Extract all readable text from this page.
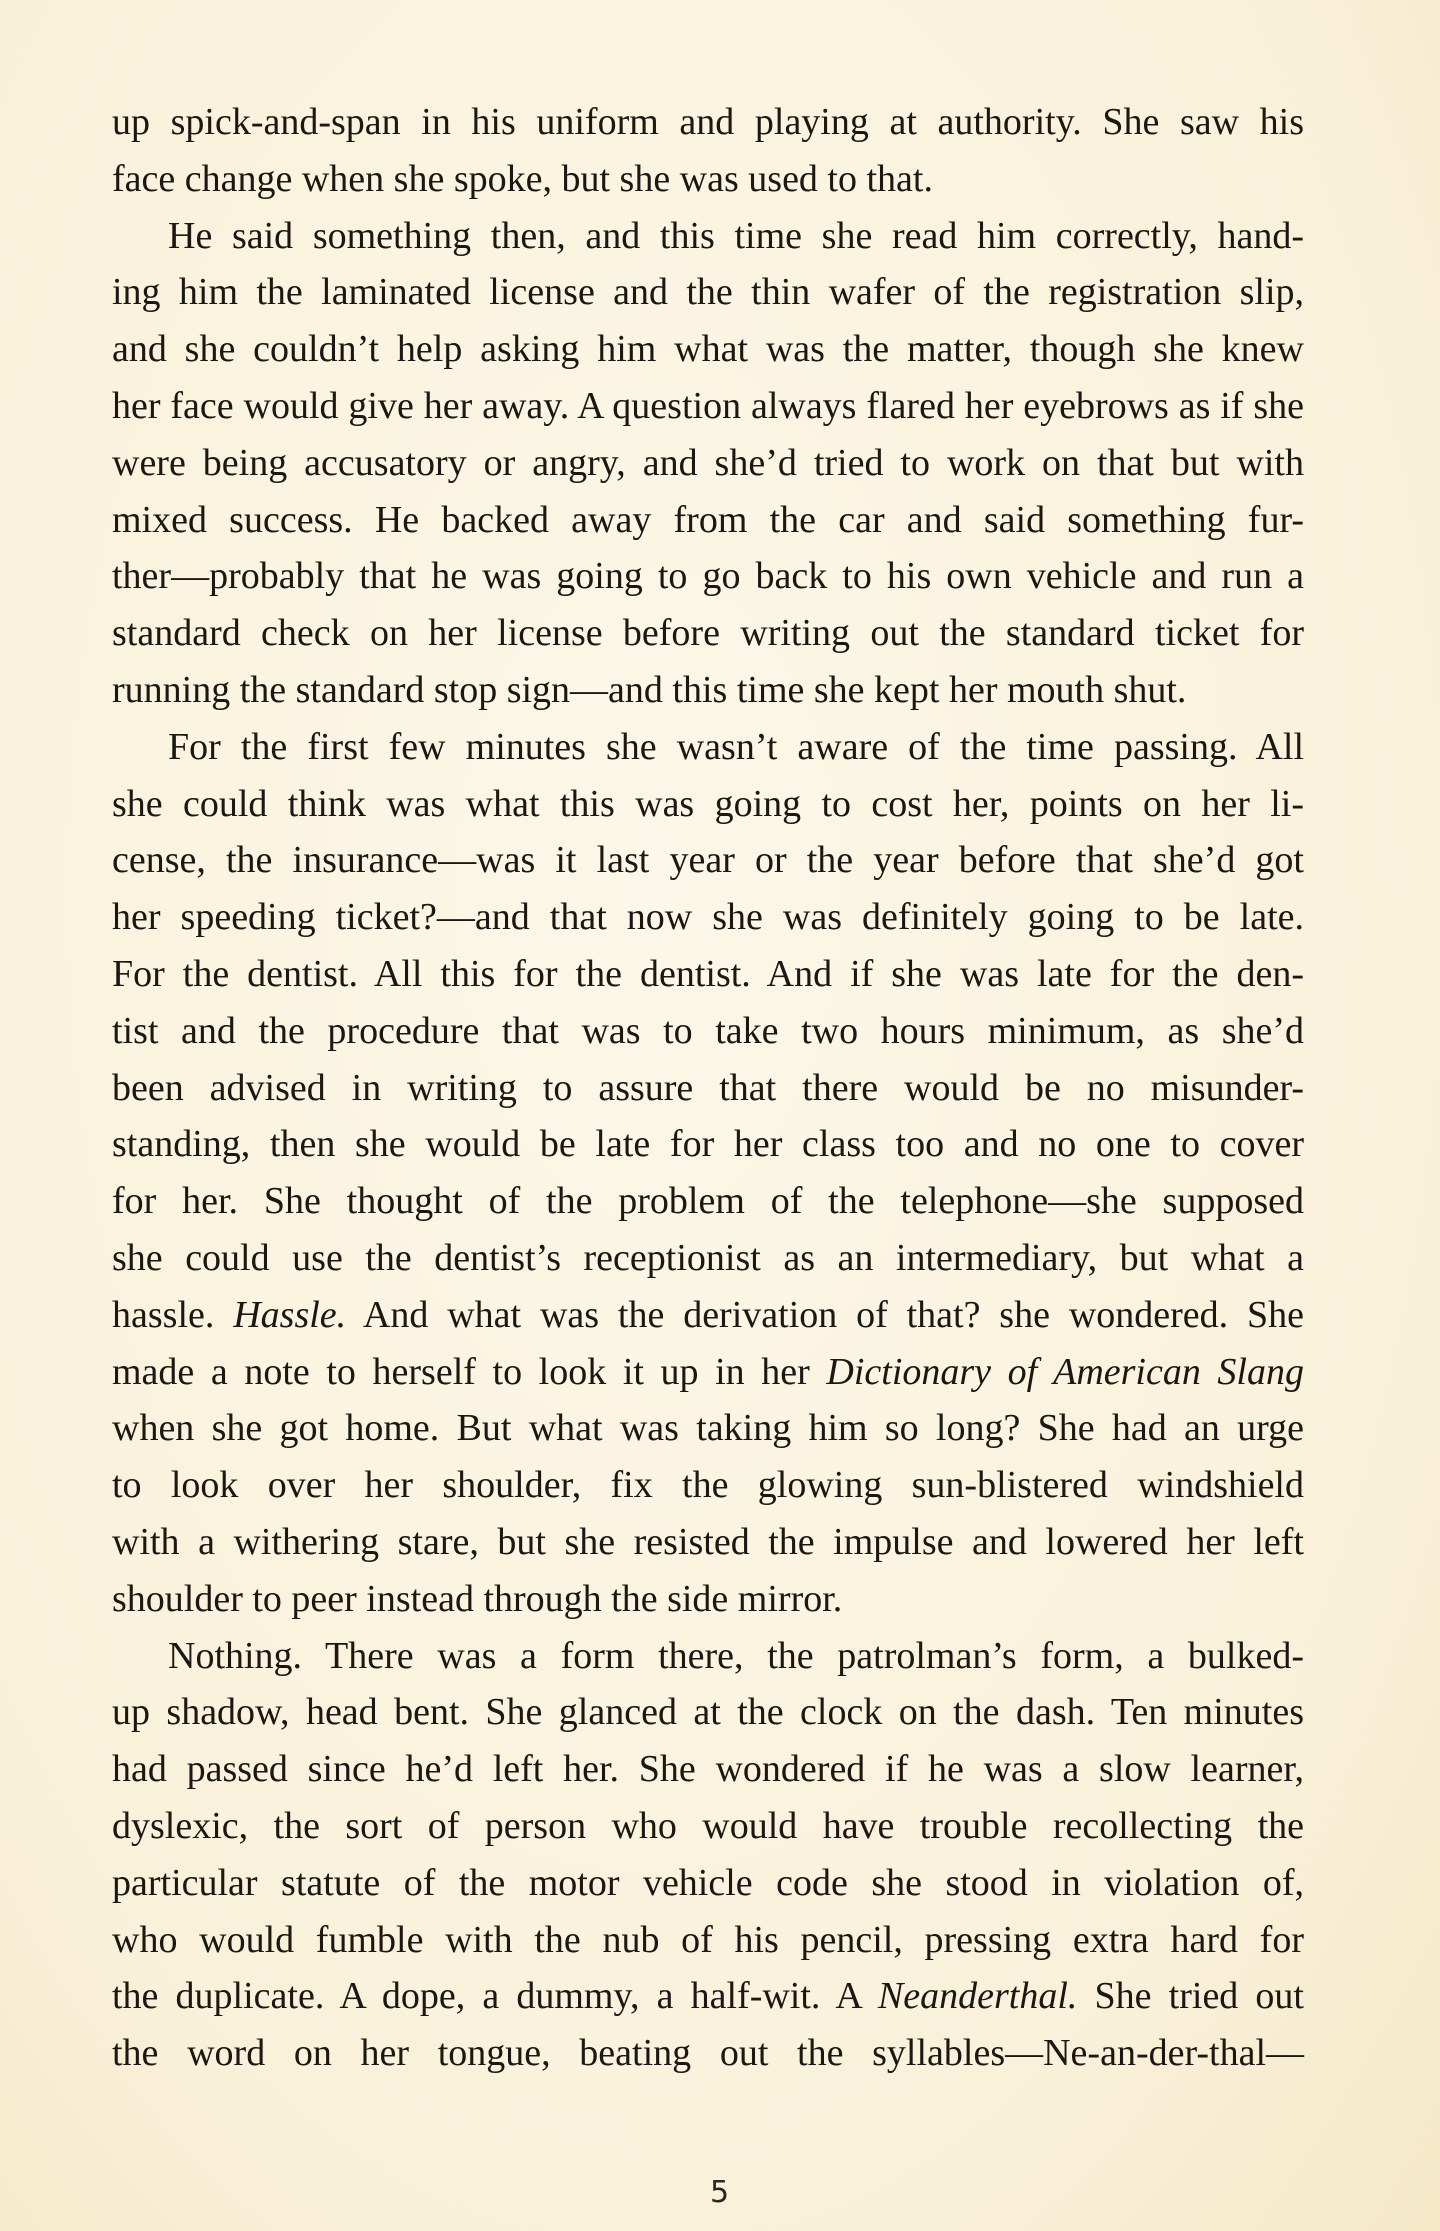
up spick-and-span in his uniform and playing at authority. She saw his
face change when she spoke, but she was used to that.
He said something then, and this time she read him correctly, hand-
ing him the laminated license and the thin wafer of the registration slip,
and she couldn’t help asking him what was the matter, though she knew
her face would give her away. A question always flared her eyebrows as if she
were being accusatory or angry, and she’d tried to work on that but with
mixed success. He backed away from the car and said something fur-
ther—probably that he was going to go back to his own vehicle and run a
standard check on her license before writing out the standard ticket for
running the standard stop sign—and this time she kept her mouth shut.
For the first few minutes she wasn’t aware of the time passing. All
she could think was what this was going to cost her, points on her li-
cense, the insurance—was it last year or the year before that she’d got
her speeding ticket?—and that now she was definitely going to be late.
For the dentist. All this for the dentist. And if she was late for the den-
tist and the procedure that was to take two hours minimum, as she’d
been advised in writing to assure that there would be no misunder-
standing, then she would be late for her class too and no one to cover
for her. She thought of the problem of the telephone—she supposed
she could use the dentist’s receptionist as an intermediary, but what a
hassle. Hassle. And what was the derivation of that? she wondered. She
made a note to herself to look it up in her Dictionary of American Slang
when she got home. But what was taking him so long? She had an urge
to look over her shoulder, fix the glowing sun-blistered windshield
with a withering stare, but she resisted the impulse and lowered her left
shoulder to peer instead through the side mirror.
Nothing. There was a form there, the patrolman’s form, a bulked-
up shadow, head bent. She glanced at the clock on the dash. Ten minutes
had passed since he’d left her. She wondered if he was a slow learner,
dyslexic, the sort of person who would have trouble recollecting the
particular statute of the motor vehicle code she stood in violation of,
who would fumble with the nub of his pencil, pressing extra hard for
the duplicate. A dope, a dummy, a half-wit. A Neanderthal. She tried out
the word on her tongue, beating out the syllables—Ne-an-der-thal—
5
